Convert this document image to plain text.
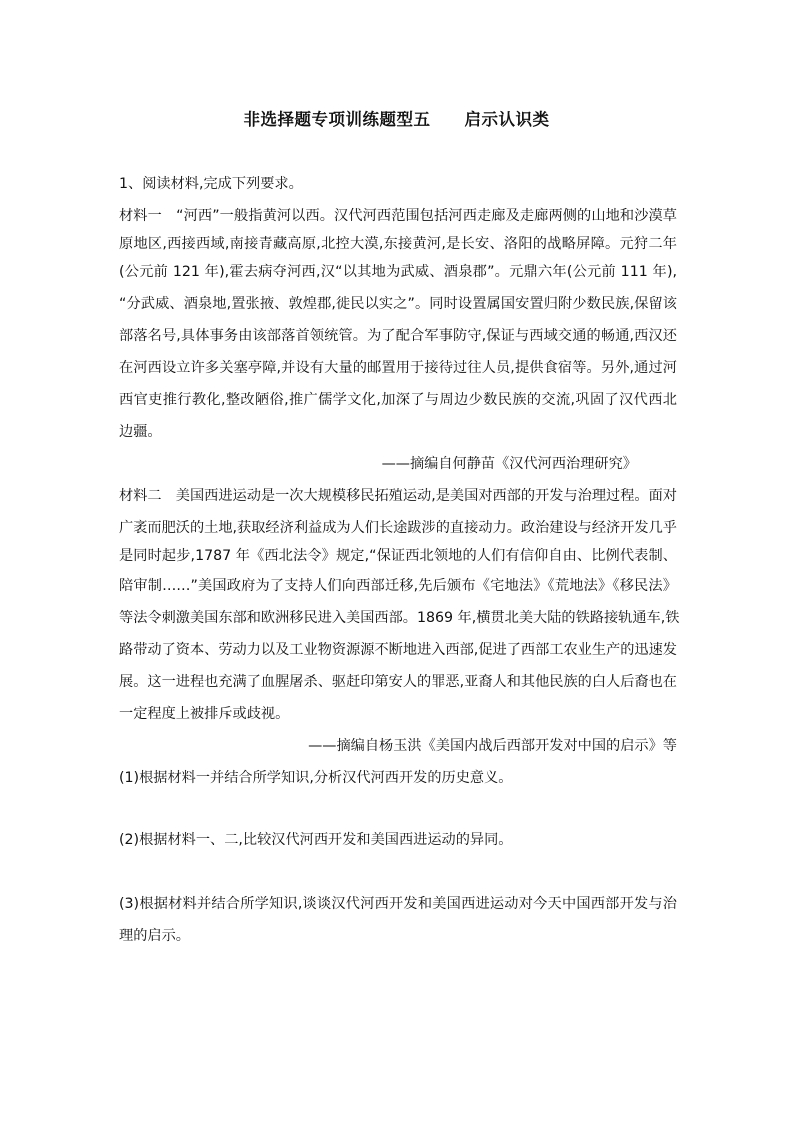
非选择题专项训练题型五　　启示认识类
1、阅读材料,完成下列要求。
材料一　“河西”一般指黄河以西。汉代河西范围包括河西走廊及走廊两侧的山地和沙漠草
原地区,西接西域,南接青藏高原,北控大漠,东接黄河,是长安、洛阳的战略屏障。元狩二年
(公元前 121 年),霍去病夺河西,汉“以其地为武威、酒泉郡”。元鼎六年(公元前 111 年),
“分武威、酒泉地,置张掖、敦煌郡,徙民以实之”。同时设置属国安置归附少数民族,保留该
部落名号,具体事务由该部落首领统管。为了配合军事防守,保证与西域交通的畅通,西汉还
在河西设立许多关塞亭障,并设有大量的邮置用于接待过往人员,提供食宿等。另外,通过河
西官吏推行教化,整改陋俗,推广儒学文化,加深了与周边少数民族的交流,巩固了汉代西北
边疆。
——摘编自何静苗《汉代河西治理研究》
材料二　美国西进运动是一次大规模移民拓殖运动,是美国对西部的开发与治理过程。面对
广袤而肥沃的土地,获取经济利益成为人们长途跋涉的直接动力。政治建设与经济开发几乎
是同时起步,1787 年《西北法令》规定,“保证西北领地的人们有信仰自由、比例代表制、
陪审制……”美国政府为了支持人们向西部迁移,先后颁布《宅地法》《荒地法》《移民法》
等法令刺激美国东部和欧洲移民进入美国西部。1869 年,横贯北美大陆的铁路接轨通车,铁
路带动了资本、劳动力以及工业物资源源不断地进入西部,促进了西部工农业生产的迅速发
展。这一进程也充满了血腥屠杀、驱赶印第安人的罪恶,亚裔人和其他民族的白人后裔也在
一定程度上被排斥或歧视。
——摘编自杨玉洪《美国内战后西部开发对中国的启示》等
(1)根据材料一并结合所学知识,分析汉代河西开发的历史意义。
(2)根据材料一、二,比较汉代河西开发和美国西进运动的异同。
(3)根据材料并结合所学知识,谈谈汉代河西开发和美国西进运动对今天中国西部开发与治
理的启示。
